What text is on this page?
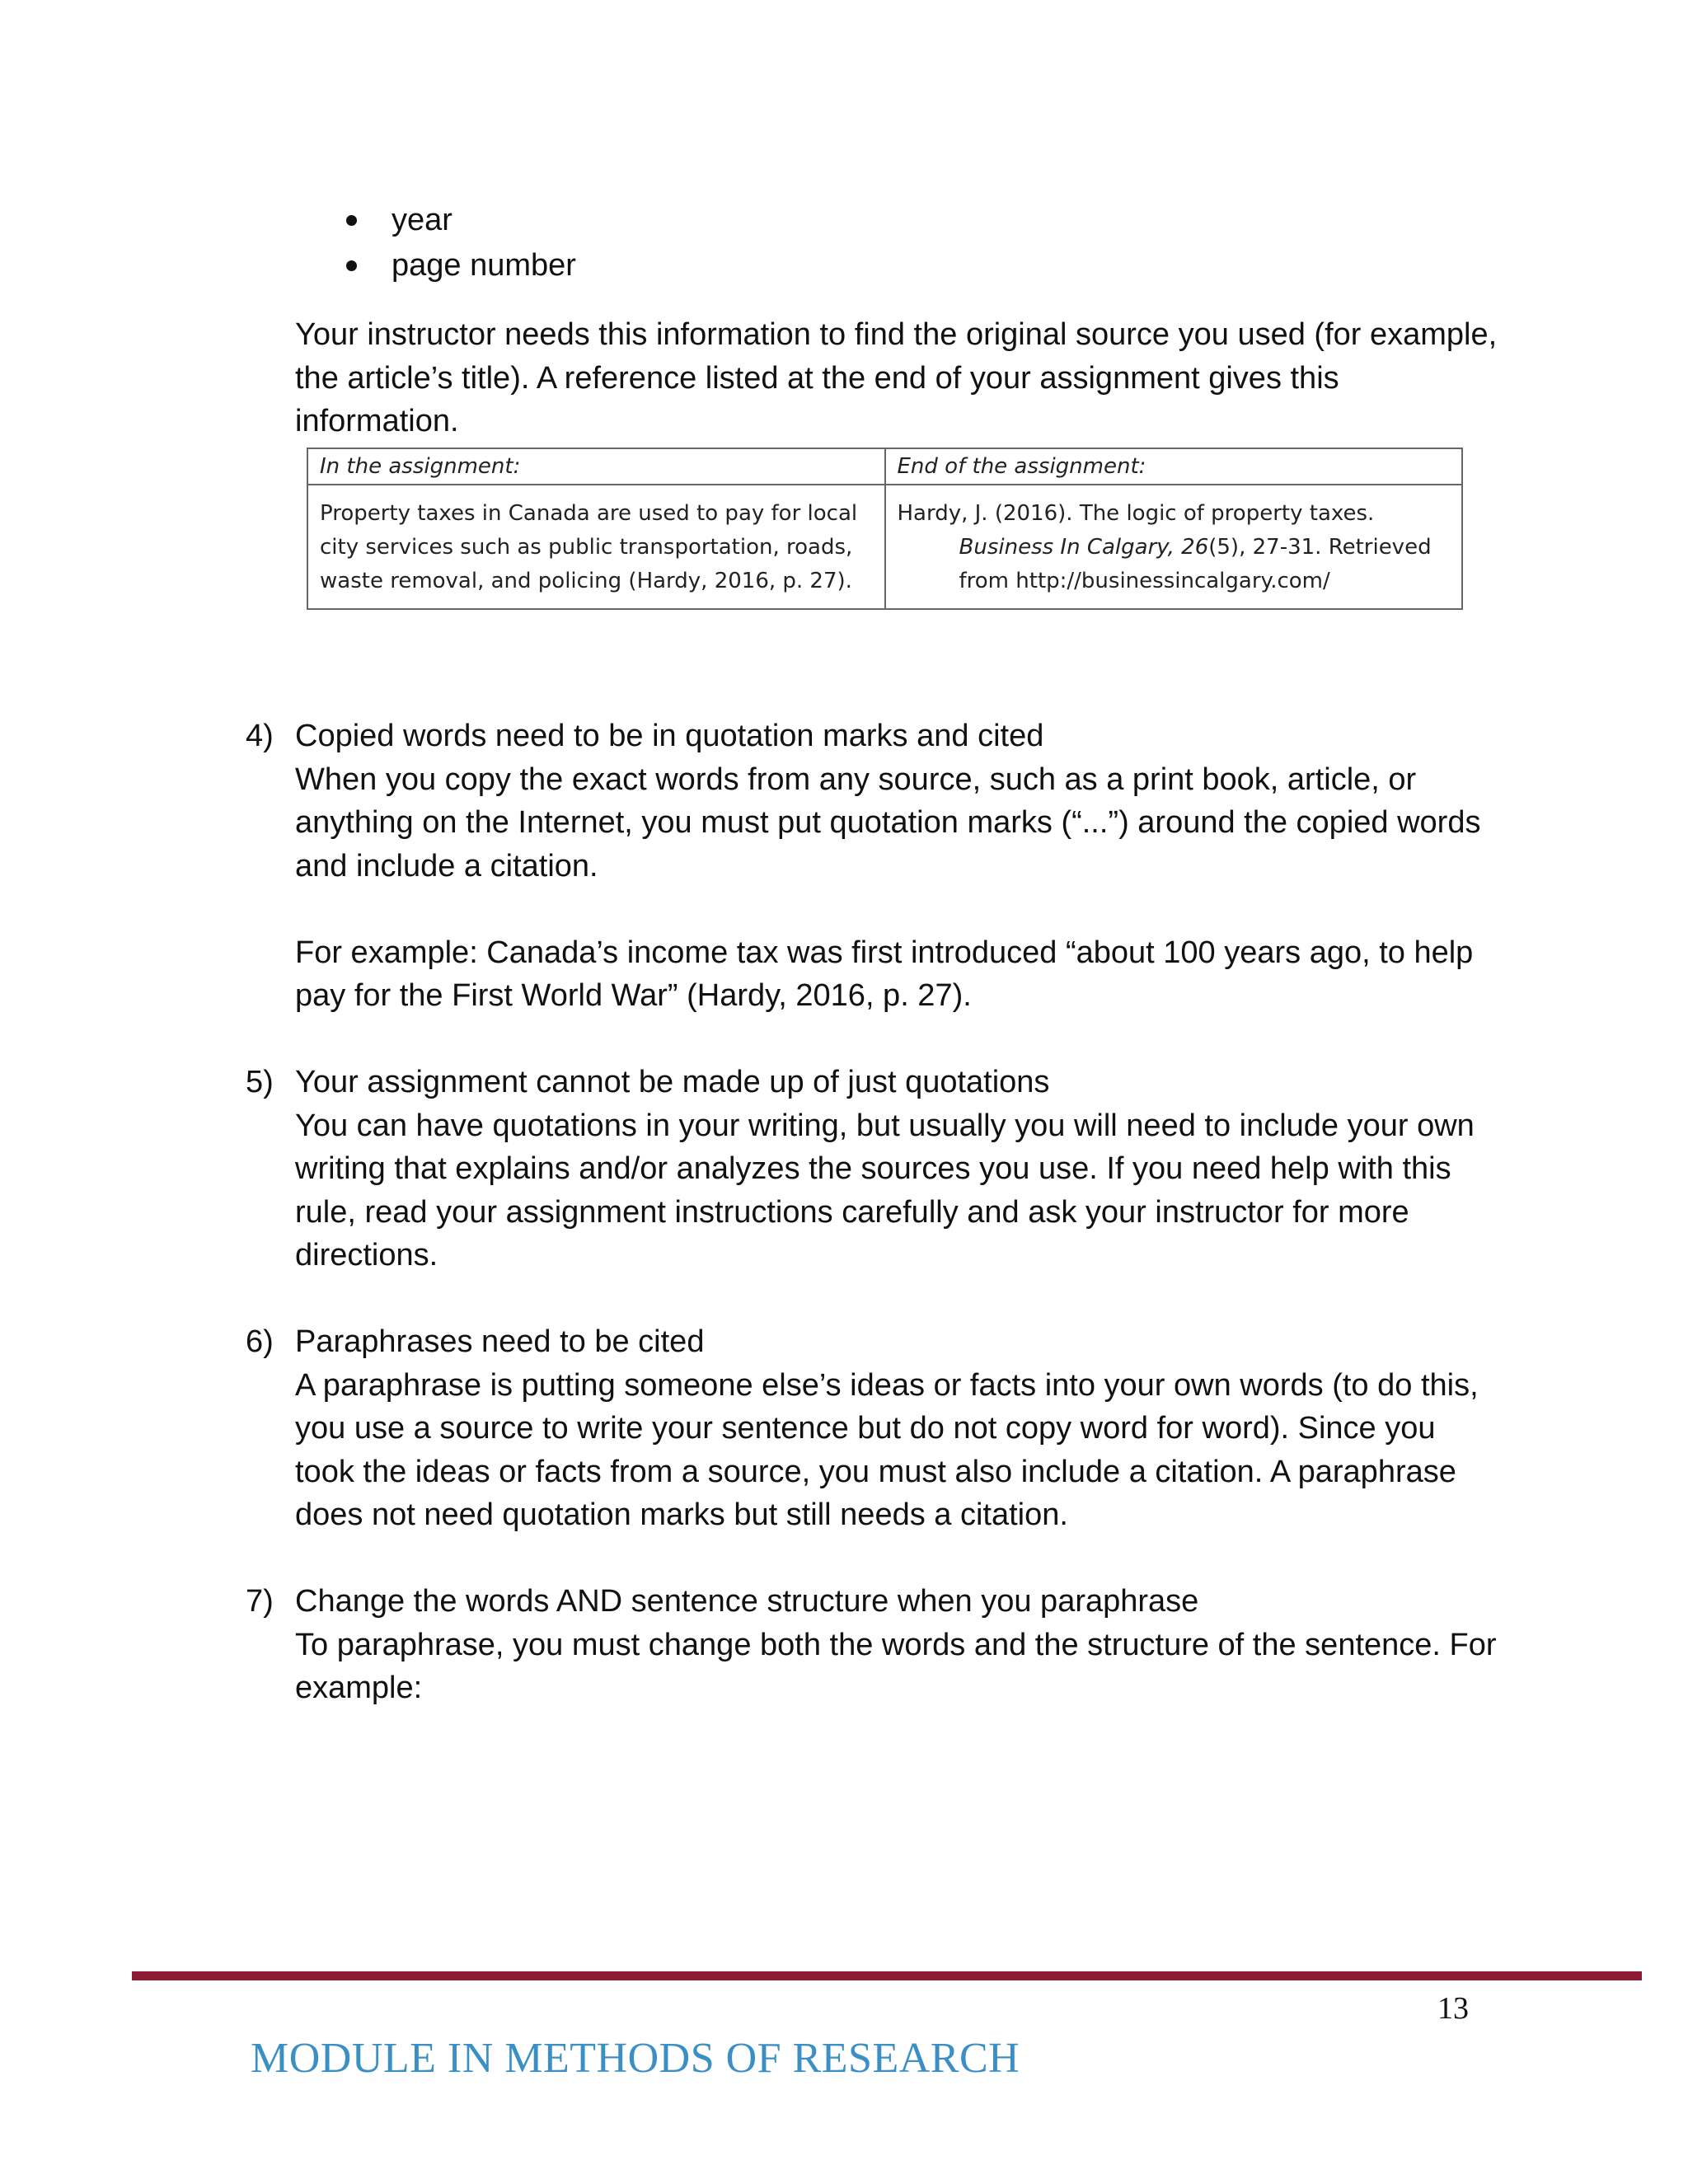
year
page number

Your instructor needs this information to find the original source you used (for example, the article’s title). A reference listed at the end of your assignment gives this information.

In the assignment:	End of the assignment:
Property taxes in Canada are used to pay for local city services such as public transportation, roads, waste removal, and policing (Hardy, 2016, p. 27).	Hardy, J. (2016). The logic of property taxes. Business In Calgary, 26(5), 27-31. Retrieved from http://businessincalgary.com/
4) Copied words need to be in quotation marks and cited

When you copy the exact words from any source, such as a print book, article, or anything on the Internet, you must put quotation marks (“...”) around the copied words and include a citation.

For example: Canada’s income tax was first introduced “about 100 years ago, to help pay for the First World War” (Hardy, 2016, p. 27).

5) Your assignment cannot be made up of just quotations

You can have quotations in your writing, but usually you will need to include your own writing that explains and/or analyzes the sources you use. If you need help with this rule, read your assignment instructions carefully and ask your instructor for more directions.

6) Paraphrases need to be cited

A paraphrase is putting someone else’s ideas or facts into your own words (to do this, you use a source to write your sentence but do not copy word for word). Since you took the ideas or facts from a source, you must also include a citation. A paraphrase does not need quotation marks but still needs a citation.

7) Change the words AND sentence structure when you paraphrase

To paraphrase, you must change both the words and the structure of the sentence. For example:

13
MODULE IN METHODS OF RESEARCH
